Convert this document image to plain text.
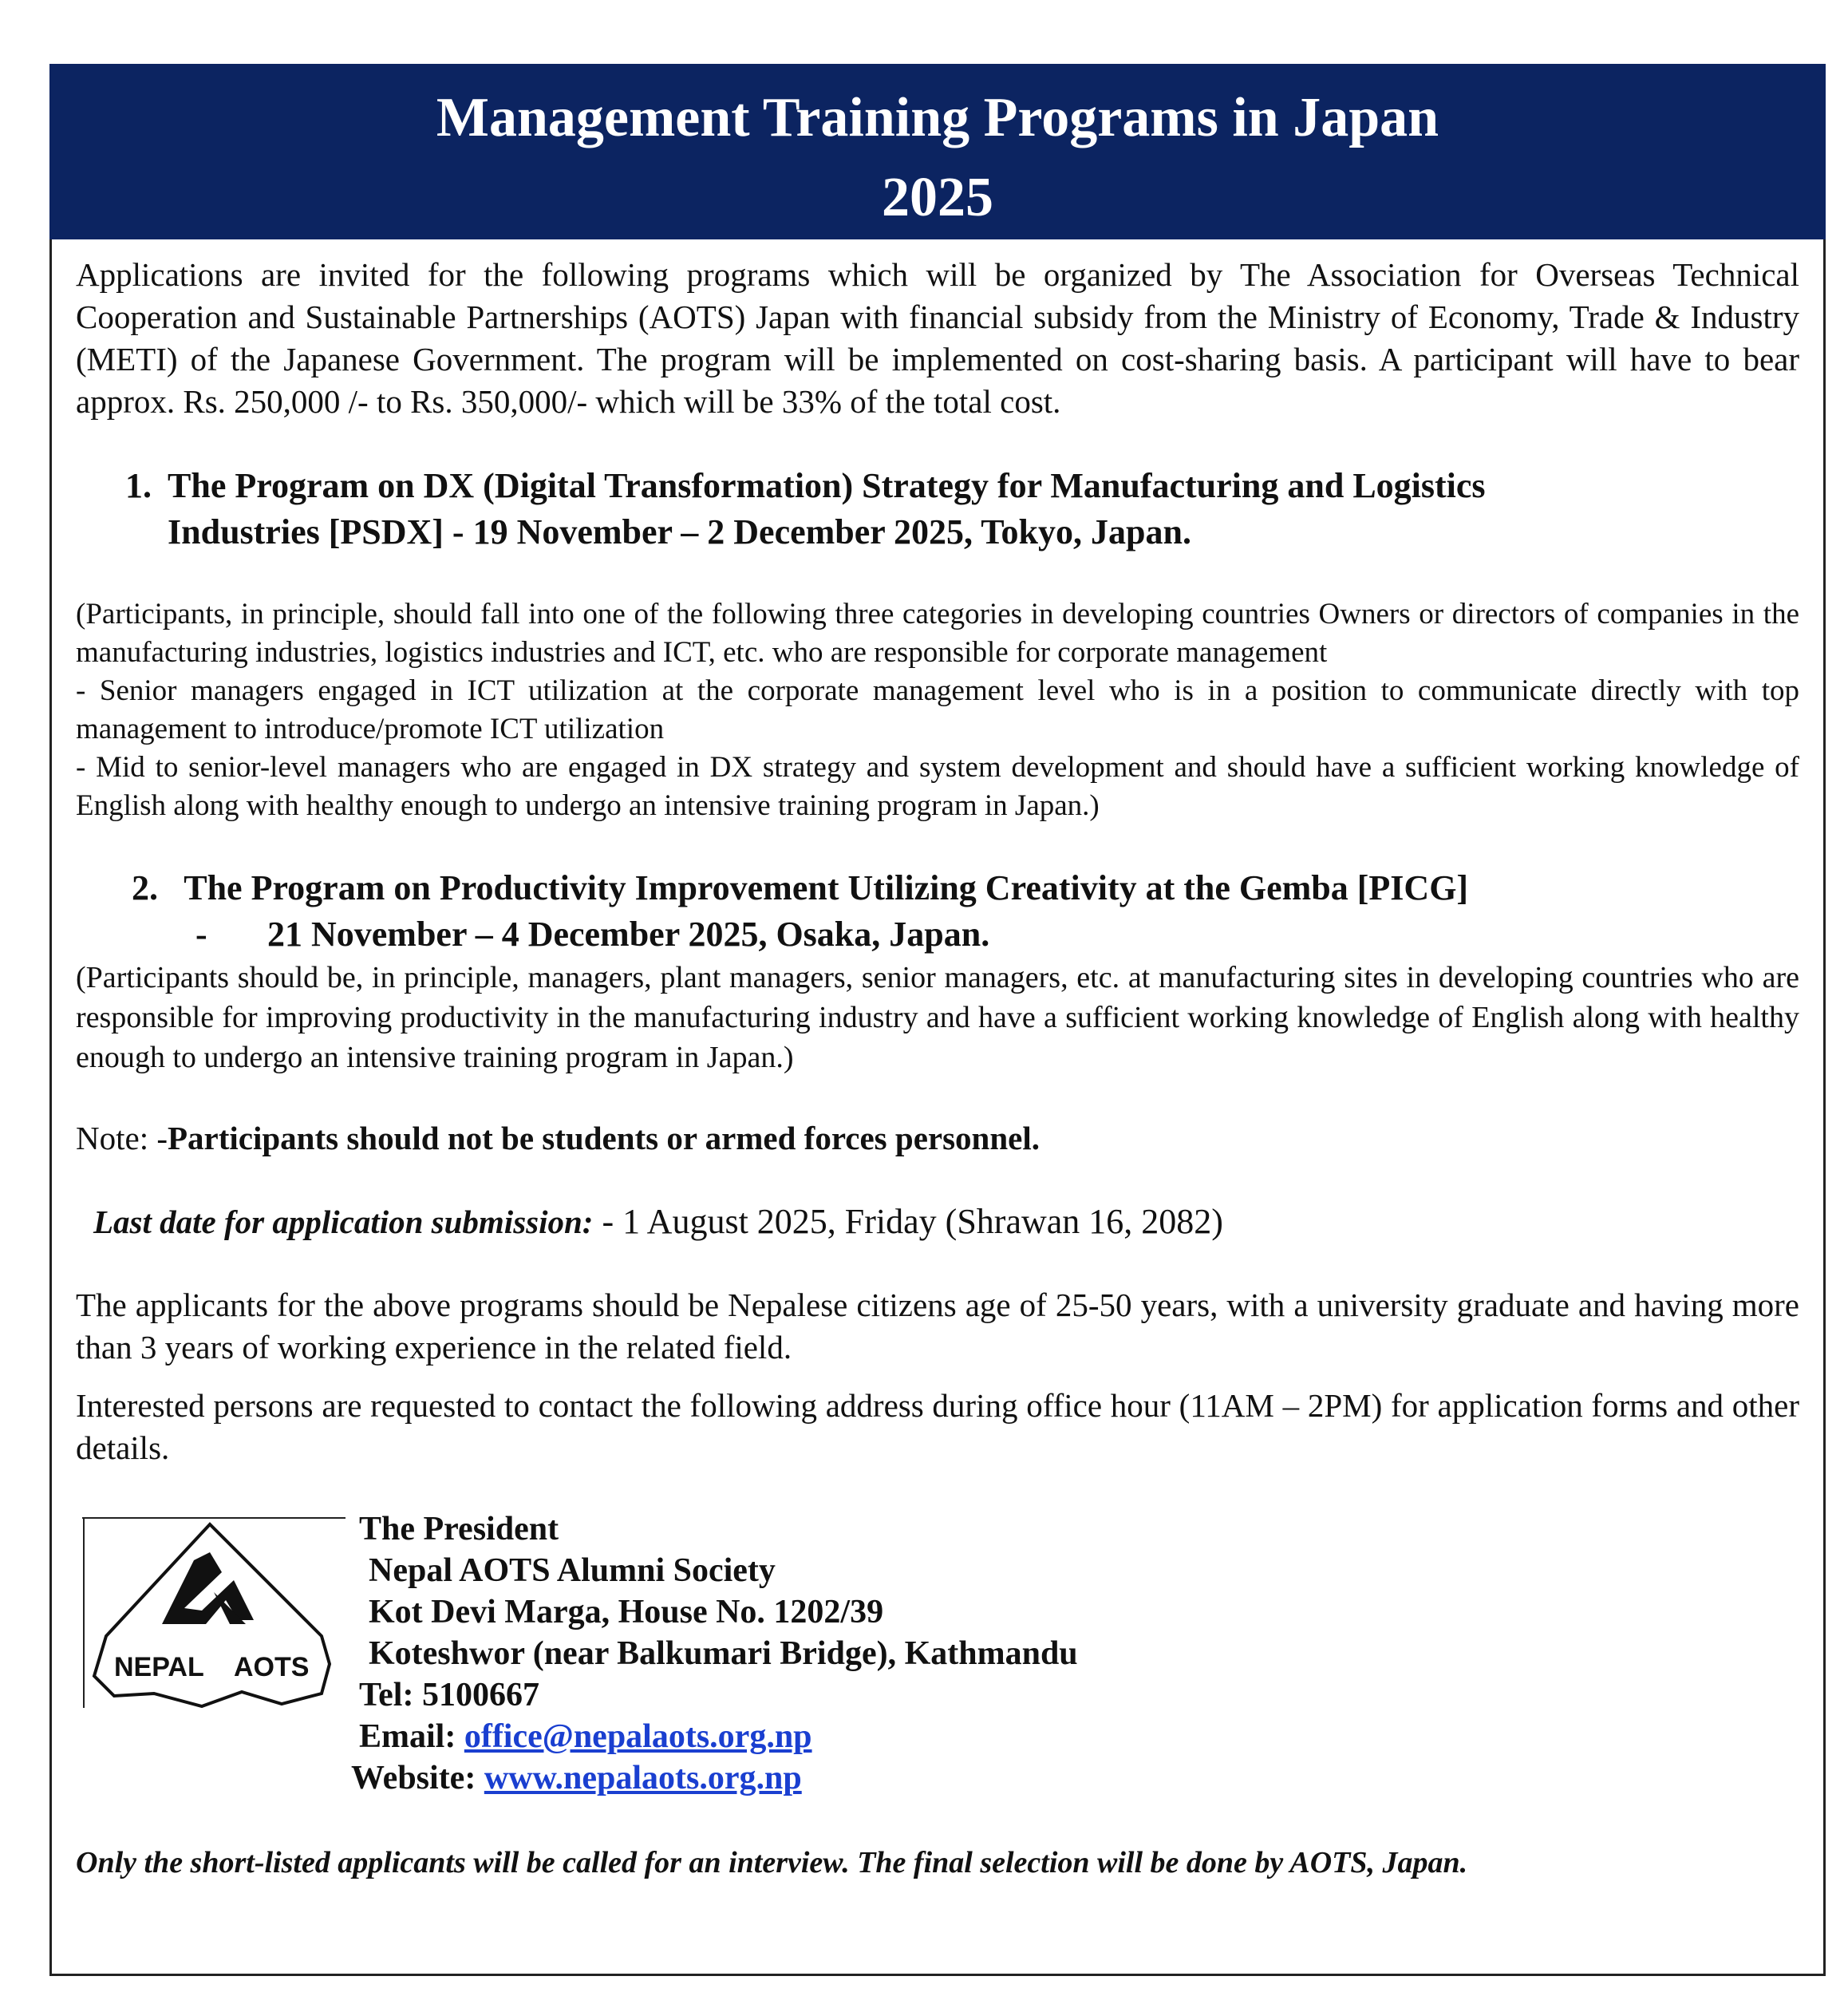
Management Training Programs in Japan
2025

Applications are invited for the following programs which will be organized by The Association for Overseas Technical Cooperation and Sustainable Partnerships (AOTS) Japan with financial subsidy from the Ministry of Economy, Trade & Industry (METI) of the Japanese Government. The program will be implemented on cost-sharing basis. A participant will have to bear approx. Rs. 250,000 /- to Rs. 350,000/- which will be 33% of the total cost.

1. The Program on DX (Digital Transformation) Strategy for Manufacturing and Logistics
Industries [PSDX] - 19 November – 2 December 2025, Tokyo, Japan.

(Participants, in principle, should fall into one of the following three categories in developing countries Owners or directors of companies in the manufacturing industries, logistics industries and ICT, etc. who are responsible for corporate management

- Senior managers engaged in ICT utilization at the corporate management level who is in a position to communicate directly with top management to introduce/promote ICT utilization

- Mid to senior-level managers who are engaged in DX strategy and system development and should have a sufficient working knowledge of English along with healthy enough to undergo an intensive training program in Japan.)

2. The Program on Productivity Improvement Utilizing Creativity at the Gemba [PICG]
- 21 November – 4 December 2025, Osaka, Japan.

(Participants should be, in principle, managers, plant managers, senior managers, etc. at manufacturing sites in developing countries who are responsible for improving productivity in the manufacturing industry and have a sufficient working knowledge of English along with healthy enough to undergo an intensive training program in Japan.)

Note: -Participants should not be students or armed forces personnel.
Last date for application submission: - 1 August 2025, Friday (Shrawan 16, 2082)

The applicants for the above programs should be Nepalese citizens age of 25-50 years, with a university graduate and having more than 3 years of working experience in the related field.

Interested persons are requested to contact the following address during office hour (11AM – 2PM) for application forms and other details.

NEPAL AOTS
The President
Nepal AOTS Alumni Society
Kot Devi Marga, House No. 1202/39
Koteshwor (near Balkumari Bridge), Kathmandu
Tel: 5100667
Email: office@nepalaots.org.np
Website: www.nepalaots.org.np
Only the short-listed applicants will be called for an interview. The final selection will be done by AOTS, Japan.
